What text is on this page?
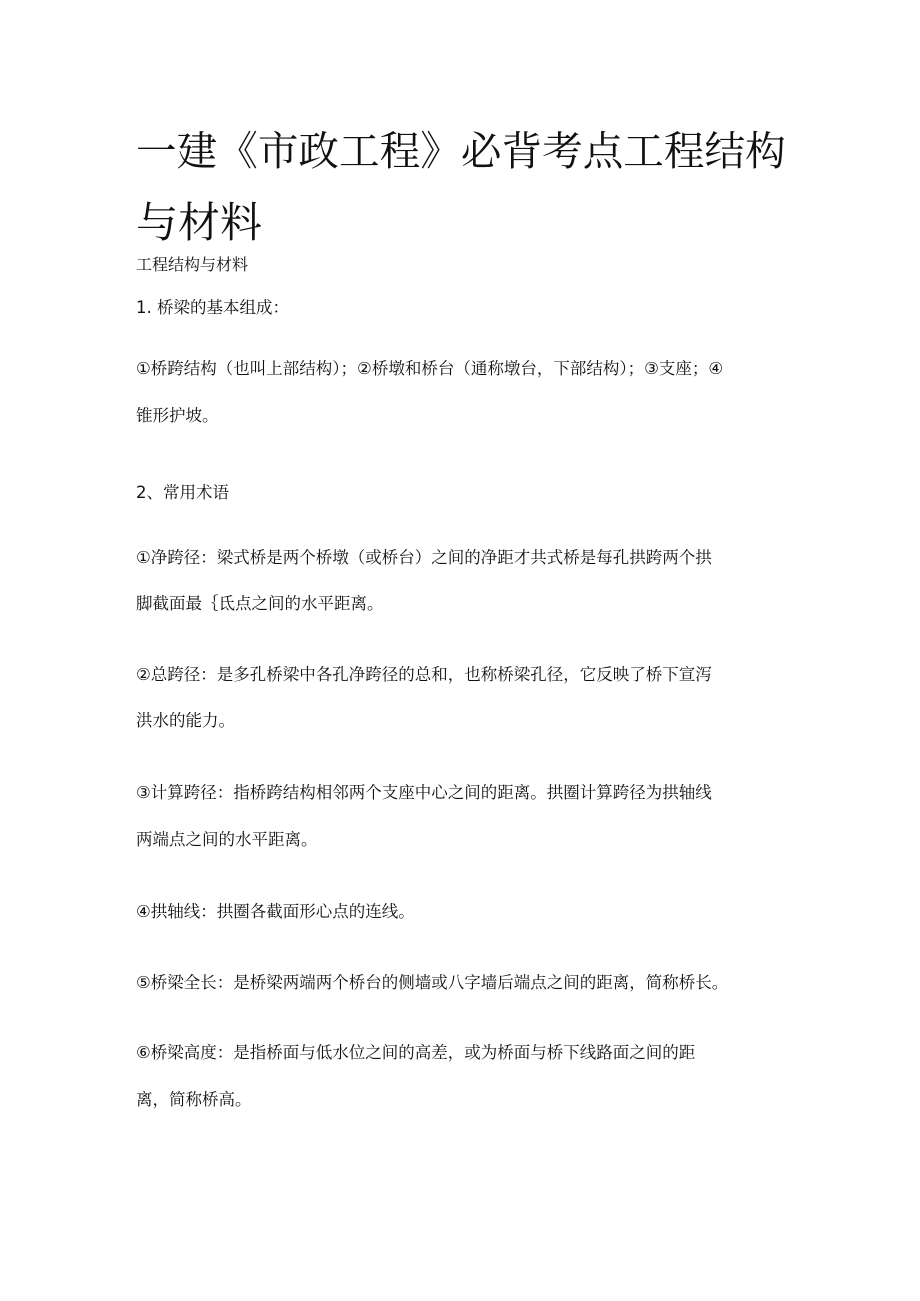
一建《市政工程》必背考点工程结构
与材料
工程结构与材料
1. 桥梁的基本组成：
①桥跨结构（也叫上部结构）；②桥墩和桥台（通称墩台，下部结构）；③支座；④
锥形护坡。
2、常用术语
①净跨径：梁式桥是两个桥墩（或桥台）之间的净距才共式桥是每孔拱跨两个拱
脚截面最｛氐点之间的水平距离。
②总跨径：是多孔桥梁中各孔净跨径的总和，也称桥梁孔径，它反映了桥下宣泻
洪水的能力。
③计算跨径：指桥跨结构相邻两个支座中心之间的距离。拱圈计算跨径为拱轴线
两端点之间的水平距离。
④拱轴线：拱圈各截面形心点的连线。
⑤桥梁全长：是桥梁两端两个桥台的侧墙或八字墙后端点之间的距离，简称桥长。
⑥桥梁高度：是指桥面与低水位之间的高差，或为桥面与桥下线路面之间的距
离，简称桥高。
